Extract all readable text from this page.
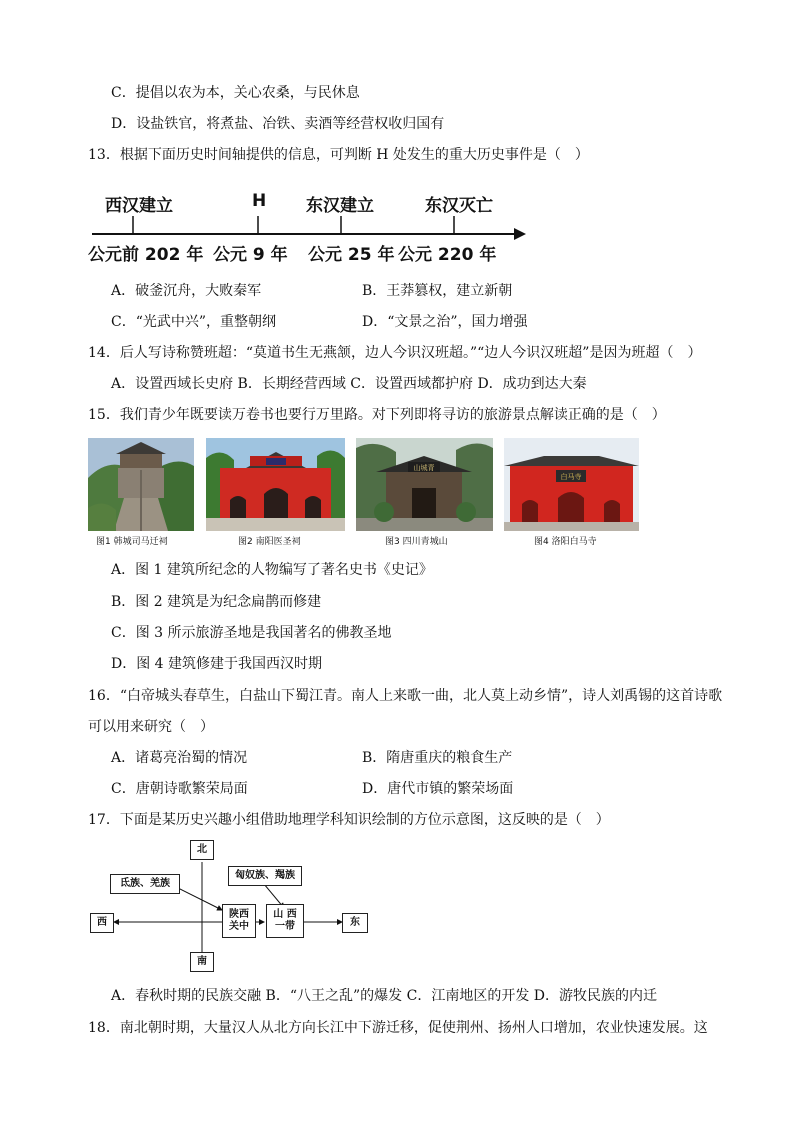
C．提倡以农为本，关心农桑，与民休息
D．设盐铁官，将煮盐、冶铁、卖酒等经营权收归国有
13．根据下面历史时间轴提供的信息，可判断 H 处发生的重大历史事件是（　）
西汉建立	H 东汉建立	东汉灭亡
公元前 202 年 公元 9 年 公元 25 年 公元 220 年
A．破釜沉舟，大败秦军	B．王莽篡权，建立新朝
C．“光武中兴”，重整朝纲	D．“文景之治”，国力增强
14．后人写诗称赞班超：“莫道书生无燕颔，边人今识汉班超。”“边人今识汉班超”是因为班超（　）
A．设置西域长史府 B．长期经营西域 C．设置西域都护府 D．成功到达大秦
15．我们青少年既要读万卷书也要行万里路。对下列即将寻访的旅游景点解读正确的是（　）
山城青
白马寺
图1 韩城司马迁祠	图2 南阳医圣祠	图3 四川青城山	图4 洛阳白马寺
A．图 1 建筑所纪念的人物编写了著名史书《史记》
B．图 2 建筑是为纪念扁鹊而修建
C．图 3 所示旅游圣地是我国著名的佛教圣地
D．图 4 建筑修建于我国西汉时期
16．“白帝城头春草生，白盐山下蜀江青。南人上来歌一曲，北人莫上动乡情”，诗人刘禹锡的这首诗歌
可以用来研究（　）
A．诸葛亮治蜀的情况	B．隋唐重庆的粮食生产
C．唐朝诗歌繁荣局面	D．唐代市镇的繁荣场面
17．下面是某历史兴趣小组借助地理学科知识绘制的方位示意图，这反映的是（　）
北
南
西	东
氐族、羌族
匈奴族、羯族
陕西
关中
山 西
一带
A．春秋时期的民族交融 B．“八王之乱”的爆发 C．江南地区的开发 D．游牧民族的内迁
18．南北朝时期，大量汉人从北方向长江中下游迁移，促使荆州、扬州人口增加，农业快速发展。这
